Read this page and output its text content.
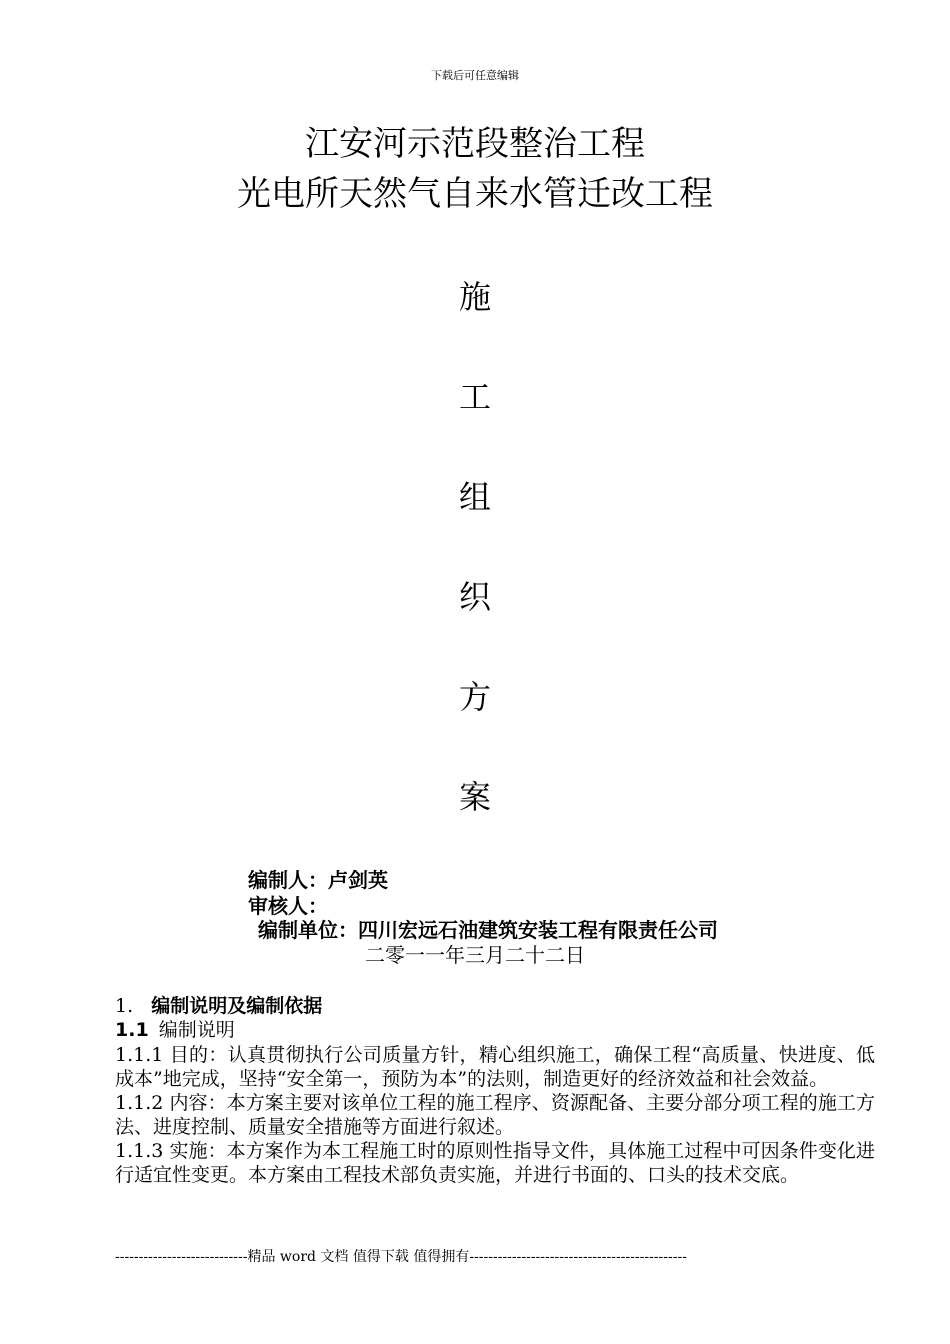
下载后可任意编辑
江安河示范段整治工程
光电所天然气自来水管迁改工程
施
工
组
织
方
案
编制人：卢剑英
审核人：
编制单位：四川宏远石油建筑安装工程有限责任公司
二零一一年三月二十二日
1. 编制说明及编制依据
1.1 编制说明

1.1.1 目的：认真贯彻执行公司质量方针，精心组织施工，确保工程“高质量、快进度、低成本”地完成，坚持“安全第一，预防为本”的法则，制造更好的经济效益和社会效益。

1.1.2 内容：本方案主要对该单位工程的施工程序、资源配备、主要分部分项工程的施工方法、进度控制、质量安全措施等方面进行叙述。

1.1.3 实施：本方案作为本工程施工时的原则性指导文件，具体施工过程中可因条件变化进行适宜性变更。本方案由工程技术部负责实施，并进行书面的、口头的技术交底。

----------------------------精品 word 文档 值得下载 值得拥有----------------------------------------------
